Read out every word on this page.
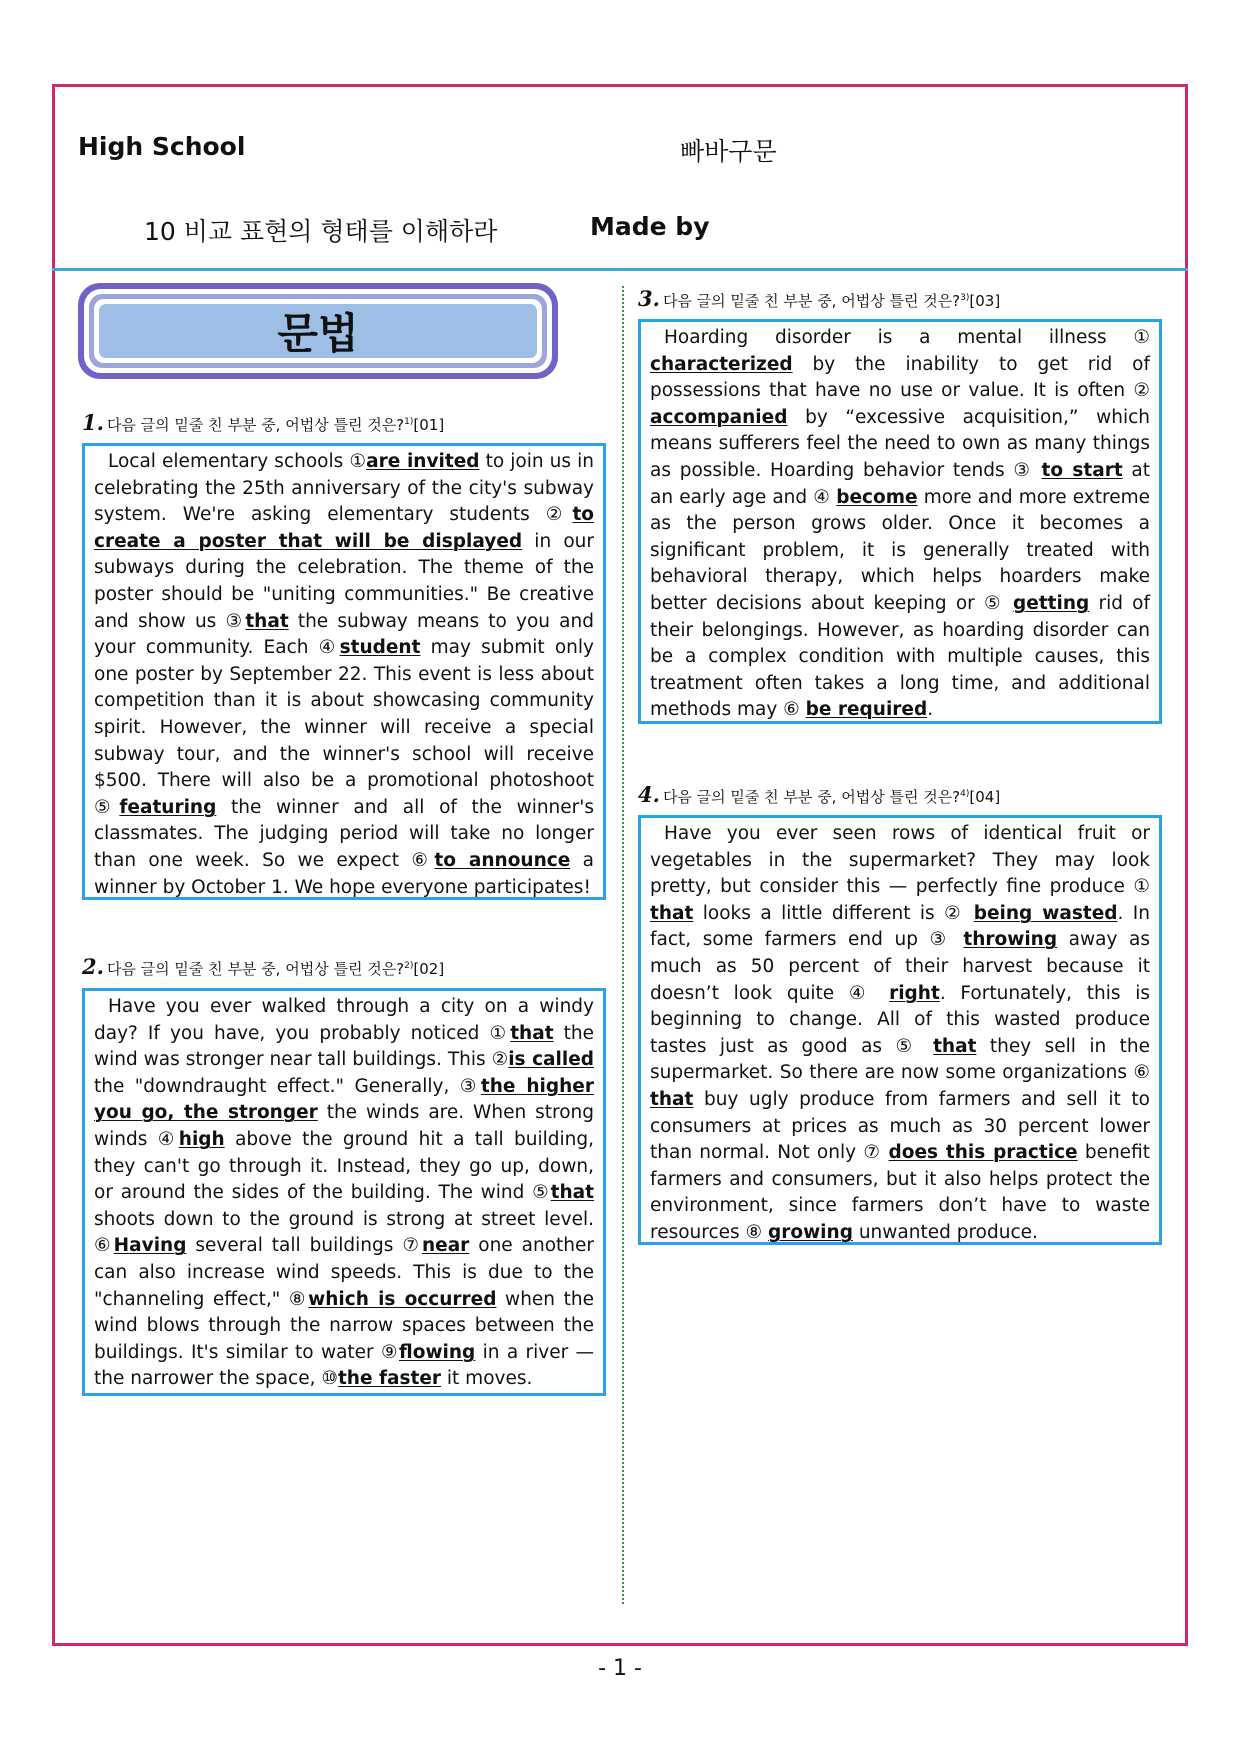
High School	빠바구문
10 비교 표현의 형태를 이해하라	Made by
문법
1. 다음 글의 밑줄 친 부분 중, 어법상 틀린 것은?$^{1)}$[01]

Local elementary schools ①are invited to join us in celebrating the 25th anniversary of the city's subway system. We're asking elementary students ②to create a poster that will be displayed in our subways during the celebration. The theme of the poster should be "uniting communities." Be creative and show us ③that the subway means to you and your community. Each ④student may submit only one poster by September 22. This event is less about competition than it is about showcasing community spirit. However, the winner will receive a special subway tour, and the winner's school will receive $500. There will also be a promotional photoshoot ⑤featuring the winner and all of the winner's classmates. The judging period will take no longer than one week. So we expect ⑥to announce a winner by October 1. We hope everyone participates!

2. 다음 글의 밑줄 친 부분 중, 어법상 틀린 것은?$^{2)}$[02]

Have you ever walked through a city on a windy day? If you have, you probably noticed ①that the wind was stronger near tall buildings. This ②is called the "downdraught effect." Generally, ③the higher you go, the stronger the winds are. When strong winds ④high above the ground hit a tall building, they can't go through it. Instead, they go up, down, or around the sides of the building. The wind ⑤that shoots down to the ground is strong at street level. ⑥Having several tall buildings ⑦near one another can also increase wind speeds. This is due to the "channeling effect," ⑧which is occurred when the wind blows through the narrow spaces between the buildings. It's similar to water ⑨flowing in a river — the narrower the space, ⑩the faster it moves.

3. 다음 글의 밑줄 친 부분 중, 어법상 틀린 것은?$^{3)}$[03]

Hoarding disorder is a mental illness ① characterized by the inability to get rid of possessions that have no use or value. It is often ② accompanied by “excessive acquisition,” which means sufferers feel the need to own as many things as possible. Hoarding behavior tends ③ to start at an early age and ④ become more and more extreme as the person grows older. Once it becomes a significant problem, it is generally treated with behavioral therapy, which helps hoarders make better decisions about keeping or ⑤ getting rid of their belongings. However, as hoarding disorder can be a complex condition with multiple causes, this treatment often takes a long time, and additional methods may ⑥ be required.

4. 다음 글의 밑줄 친 부분 중, 어법상 틀린 것은?$^{4)}$[04]

Have you ever seen rows of identical fruit or vegetables in the supermarket? They may look pretty, but consider this — perfectly fine produce ① that looks a little different is ② being wasted. In fact, some farmers end up ③ throwing away as much as 50 percent of their harvest because it doesn’t look quite ④ right. Fortunately, this is beginning to change. All of this wasted produce tastes just as good as ⑤ that they sell in the supermarket. So there are now some organizations ⑥ that buy ugly produce from farmers and sell it to consumers at prices as much as 30 percent lower than normal. Not only ⑦ does this practice benefit farmers and consumers, but it also helps protect the environment, since farmers don’t have to waste resources ⑧ growing unwanted produce.

- 1 -
